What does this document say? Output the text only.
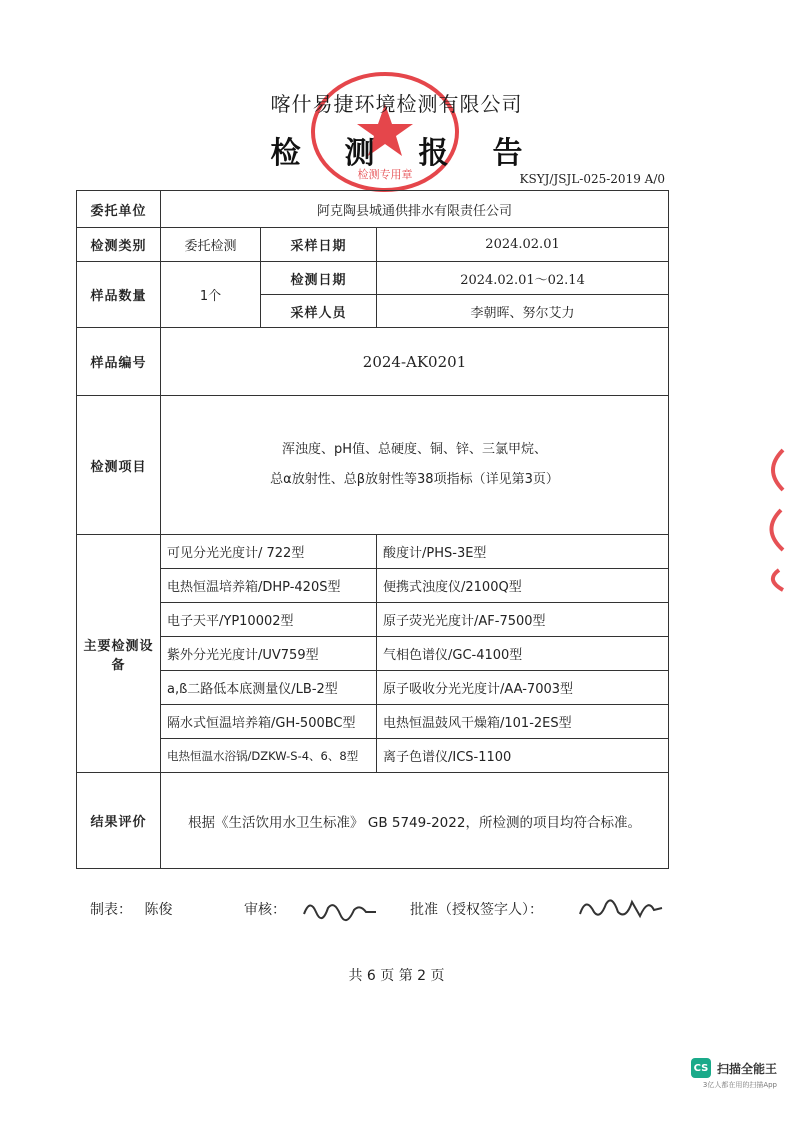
检测专用章
喀什易捷环境检测有限公司
检	测	报	告
KSYJ/JSJL-025-2019 A/0
委托单位	阿克陶县城通供排水有限责任公司		
检测类别	委托检测	采样日期	2024.02.01
样品数量	1个	检测日期	2024.02.01～02.14
		采样人员	李朝晖、努尔艾力
样品编号	2024-AK0201		
检测项目	浑浊度、pH值、总硬度、铜、锌、三氯甲烷、
总α放射性、总β放射性等38项指标（详见第3页）		

主要检测设备	可见分光光度计/ 722型		酸度计/PHS-3E型
	电热恒温培养箱/DHP-420S型		便携式浊度仪/2100Q型
	电子天平/YP10002型		原子荧光光度计/AF-7500型
	紫外分光光度计/UV759型		气相色谱仪/GC-4100型
	a,ß二路低本底测量仪/LB-2型		原子吸收分光光度计/AA-7003型
	隔水式恒温培养箱/GH-500BC型		电热恒温鼓风干燥箱/101-2ES型
	电热恒温水浴锅/DZKW-S-4、6、8型		离子色谱仪/ICS-1100
结果评价	根据《生活饮用水卫生标准》 GB 5749-2022，所检测的项目均符合标准。		
制表： 陈俊	审核：	批准（授权签字人）：
共 6 页 第 2 页
CS 扫描全能王
3亿人都在用的扫描App
